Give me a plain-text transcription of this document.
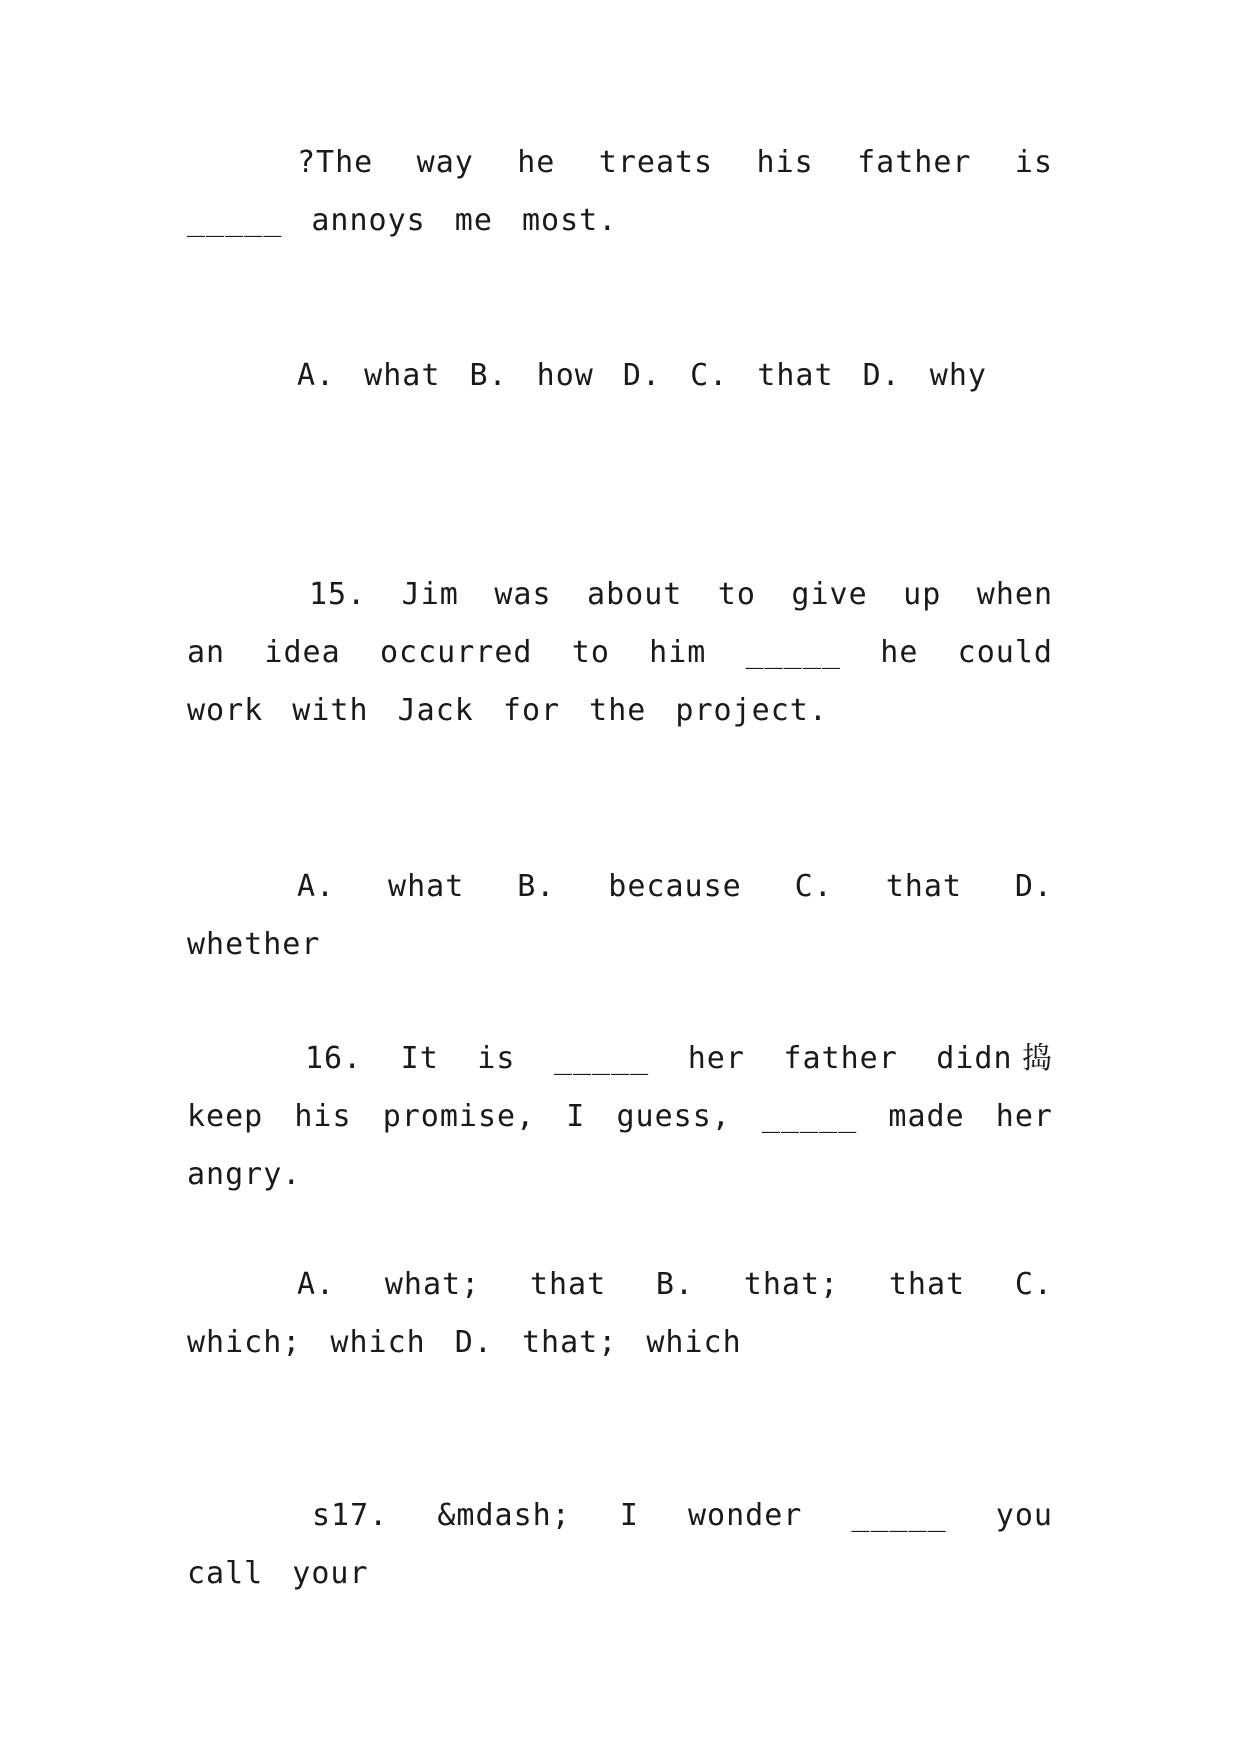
?The way he treats his father is _____ annoys me most.

A. what B. how D. C. that D. why

15. Jim was about to give up when an idea occurred to him _____ he could work with Jack for the project.

A. what B. because C. that D. whether

16. It is _____ her father didn捣 keep his promise, I guess, _____ made her angry.

A. what; that B. that; that C. which; which D. that; which

s17. &mdash; I wonder _____ you call your
